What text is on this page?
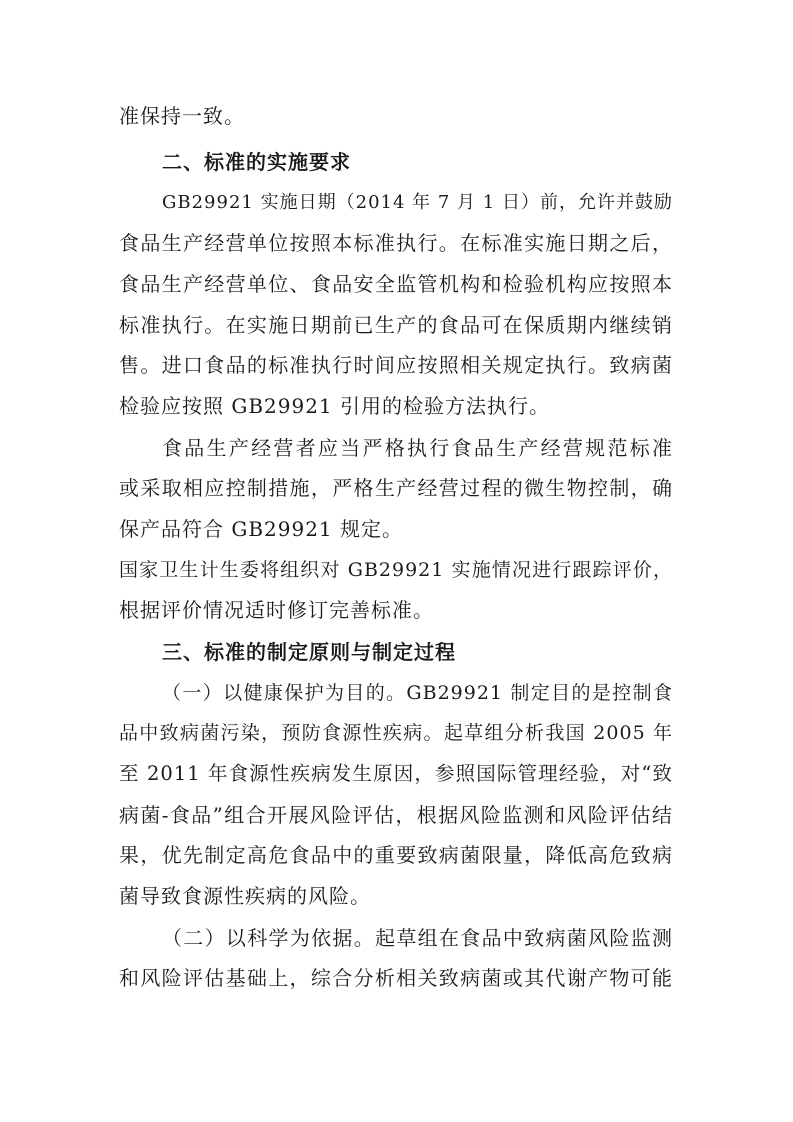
准保持一致。
二、标准的实施要求
GB29921 实施日期（2014 年 7 月 1 日）前，允许并鼓励
食品生产经营单位按照本标准执行。在标准实施日期之后，
食品生产经营单位、食品安全监管机构和检验机构应按照本
标准执行。在实施日期前已生产的食品可在保质期内继续销
售。进口食品的标准执行时间应按照相关规定执行。致病菌
检验应按照 GB29921 引用的检验方法执行。
食品生产经营者应当严格执行食品生产经营规范标准
或采取相应控制措施，严格生产经营过程的微生物控制，确
保产品符合 GB29921 规定。
国家卫生计生委将组织对 GB29921 实施情况进行跟踪评价，
根据评价情况适时修订完善标准。
三、标准的制定原则与制定过程
（一）以健康保护为目的。GB29921 制定目的是控制食
品中致病菌污染，预防食源性疾病。起草组分析我国 2005 年
至 2011 年食源性疾病发生原因，参照国际管理经验，对“致
病菌-食品”组合开展风险评估，根据风险监测和风险评估结
果，优先制定高危食品中的重要致病菌限量，降低高危致病
菌导致食源性疾病的风险。
（二）以科学为依据。起草组在食品中致病菌风险监测
和风险评估基础上，综合分析相关致病菌或其代谢产物可能
